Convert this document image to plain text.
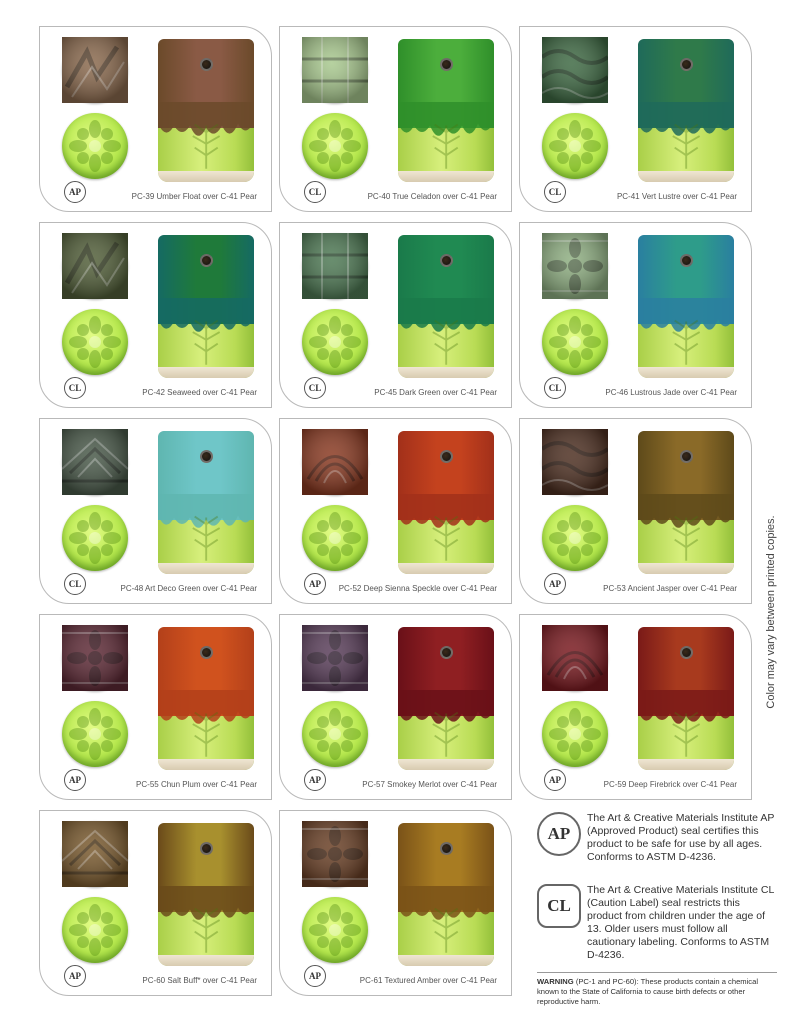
AP	PC-39 Umber Float over C-41 Pear	CL	PC-40 True Celadon over C-41 Pear	CL	PC-41 Vert Lustre over C-41 Pear
CL	PC-42 Seaweed over C-41 Pear	CL	PC-45 Dark Green over C-41 Pear	CL	PC-46 Lustrous Jade over C-41 Pear
CL	PC-48 Art Deco Green over C-41 Pear	AP	PC-52 Deep Sienna Speckle over C-41 Pear	AP	PC-53 Ancient Jasper over C-41 Pear
AP	PC-55 Chun Plum over C-41 Pear	AP	PC-57 Smokey Merlot over C-41 Pear	AP	PC-59 Deep Firebrick over C-41 Pear
AP	PC-60 Salt Buff* over C-41 Pear	AP	PC-61 Textured Amber over C-41 Pear
Color may vary between printed copies.
AP
The Art & Creative Materials Institute AP (Approved Product) seal certifies this product to be safe for use by all ages. Conforms to ASTM D-4236.
CL
The Art & Creative Materials Institute CL (Caution Label) seal restricts this product from children under the age of 13. Older users must follow all cautionary labeling. Conforms to ASTM D-4236.
WARNING (PC-1 and PC-60): These products contain a chemical known to the State of California to cause birth defects or other reproductive harm.
